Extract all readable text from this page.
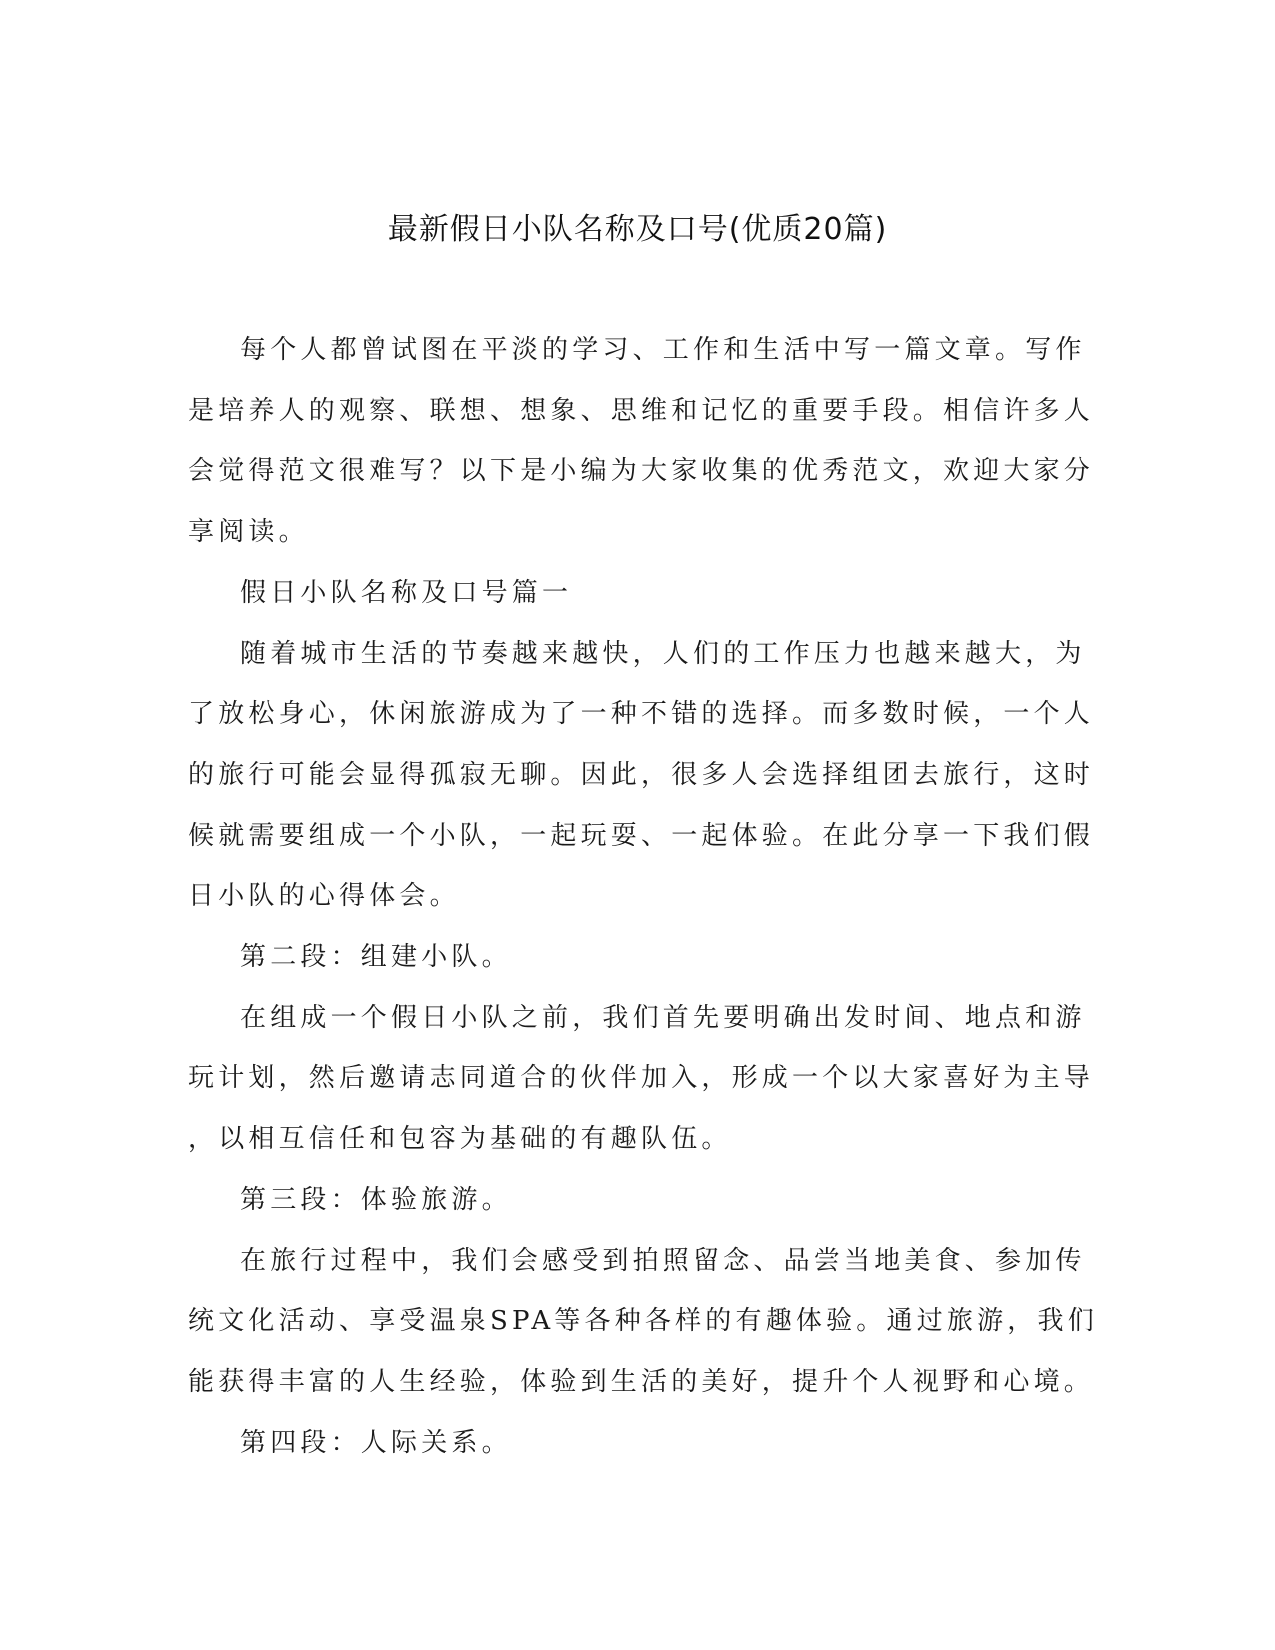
最新假日小队名称及口号(优质20篇)

每个人都曾试图在平淡的学习、工作和生活中写一篇文章。写作
是培养人的观察、联想、想象、思维和记忆的重要手段。相信许多人
会觉得范文很难写？以下是小编为大家收集的优秀范文，欢迎大家分
享阅读。

假日小队名称及口号篇一

随着城市生活的节奏越来越快，人们的工作压力也越来越大，为
了放松身心，休闲旅游成为了一种不错的选择。而多数时候，一个人
的旅行可能会显得孤寂无聊。因此，很多人会选择组团去旅行，这时
候就需要组成一个小队，一起玩耍、一起体验。在此分享一下我们假
日小队的心得体会。

第二段：组建小队。

在组成一个假日小队之前，我们首先要明确出发时间、地点和游
玩计划，然后邀请志同道合的伙伴加入，形成一个以大家喜好为主导
，以相互信任和包容为基础的有趣队伍。

第三段：体验旅游。

在旅行过程中，我们会感受到拍照留念、品尝当地美食、参加传
统文化活动、享受温泉SPA等各种各样的有趣体验。通过旅游，我们
能获得丰富的人生经验，体验到生活的美好，提升个人视野和心境。

第四段：人际关系。
